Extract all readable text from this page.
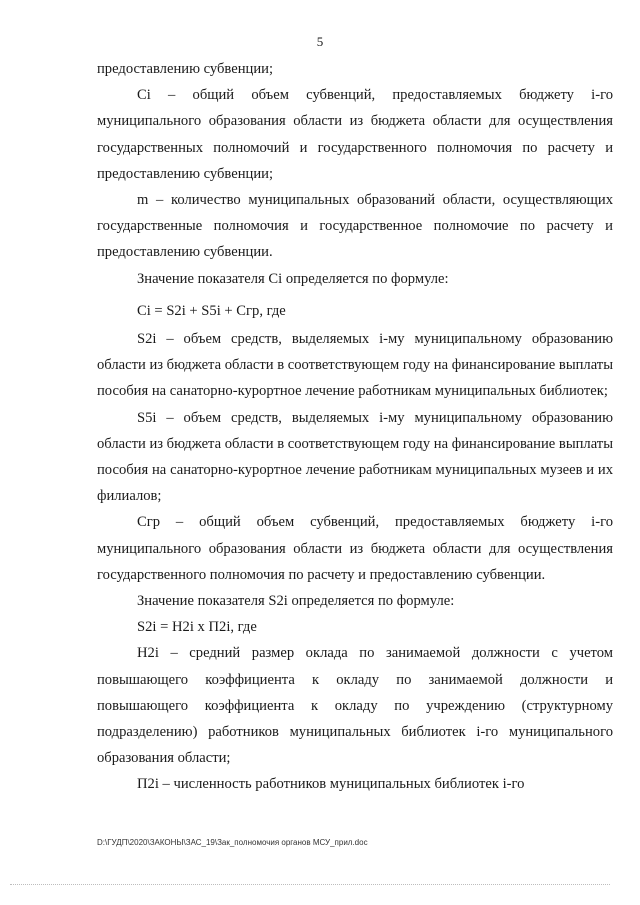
5

предоставлению субвенции;

Ci – общий объем субвенций, предоставляемых бюджету i-го муниципального образования области из бюджета области для осуществления государственных полномочий и государственного полномочия по расчету и предоставлению субвенции;

m – количество муниципальных образований области, осуществляющих государственные полномочия и государственное полномочие по расчету и предоставлению субвенции.

Значение показателя Ci определяется по формуле:

Ci = S2i + S5i + Сгр, где

S2i – объем средств, выделяемых i-му муниципальному образованию области из бюджета области в соответствующем году на финансирование выплаты пособия на санаторно-курортное лечение работникам муниципальных библиотек;

S5i – объем средств, выделяемых i-му муниципальному образованию области из бюджета области в соответствующем году на финансирование выплаты пособия на санаторно-курортное лечение работникам муниципальных музеев и их филиалов;

Сгр – общий объем субвенций, предоставляемых бюджету i-го муниципального образования области из бюджета области для осуществления государственного полномочия по расчету и предоставлению субвенции.

Значение показателя S2i определяется по формуле:

S2i = Н2i х П2i, где

Н2i – средний размер оклада по занимаемой должности с учетом повышающего коэффициента к окладу по занимаемой должности и повышающего коэффициента к окладу по учреждению (структурному подразделению) работников муниципальных библиотек i-го муниципального образования области;

П2i – численность работников муниципальных библиотек i-го

D:\ГУДП\2020\ЗАКОНЫ\ЗАС_19\Зак_полномочия органов МСУ_прил.doc
